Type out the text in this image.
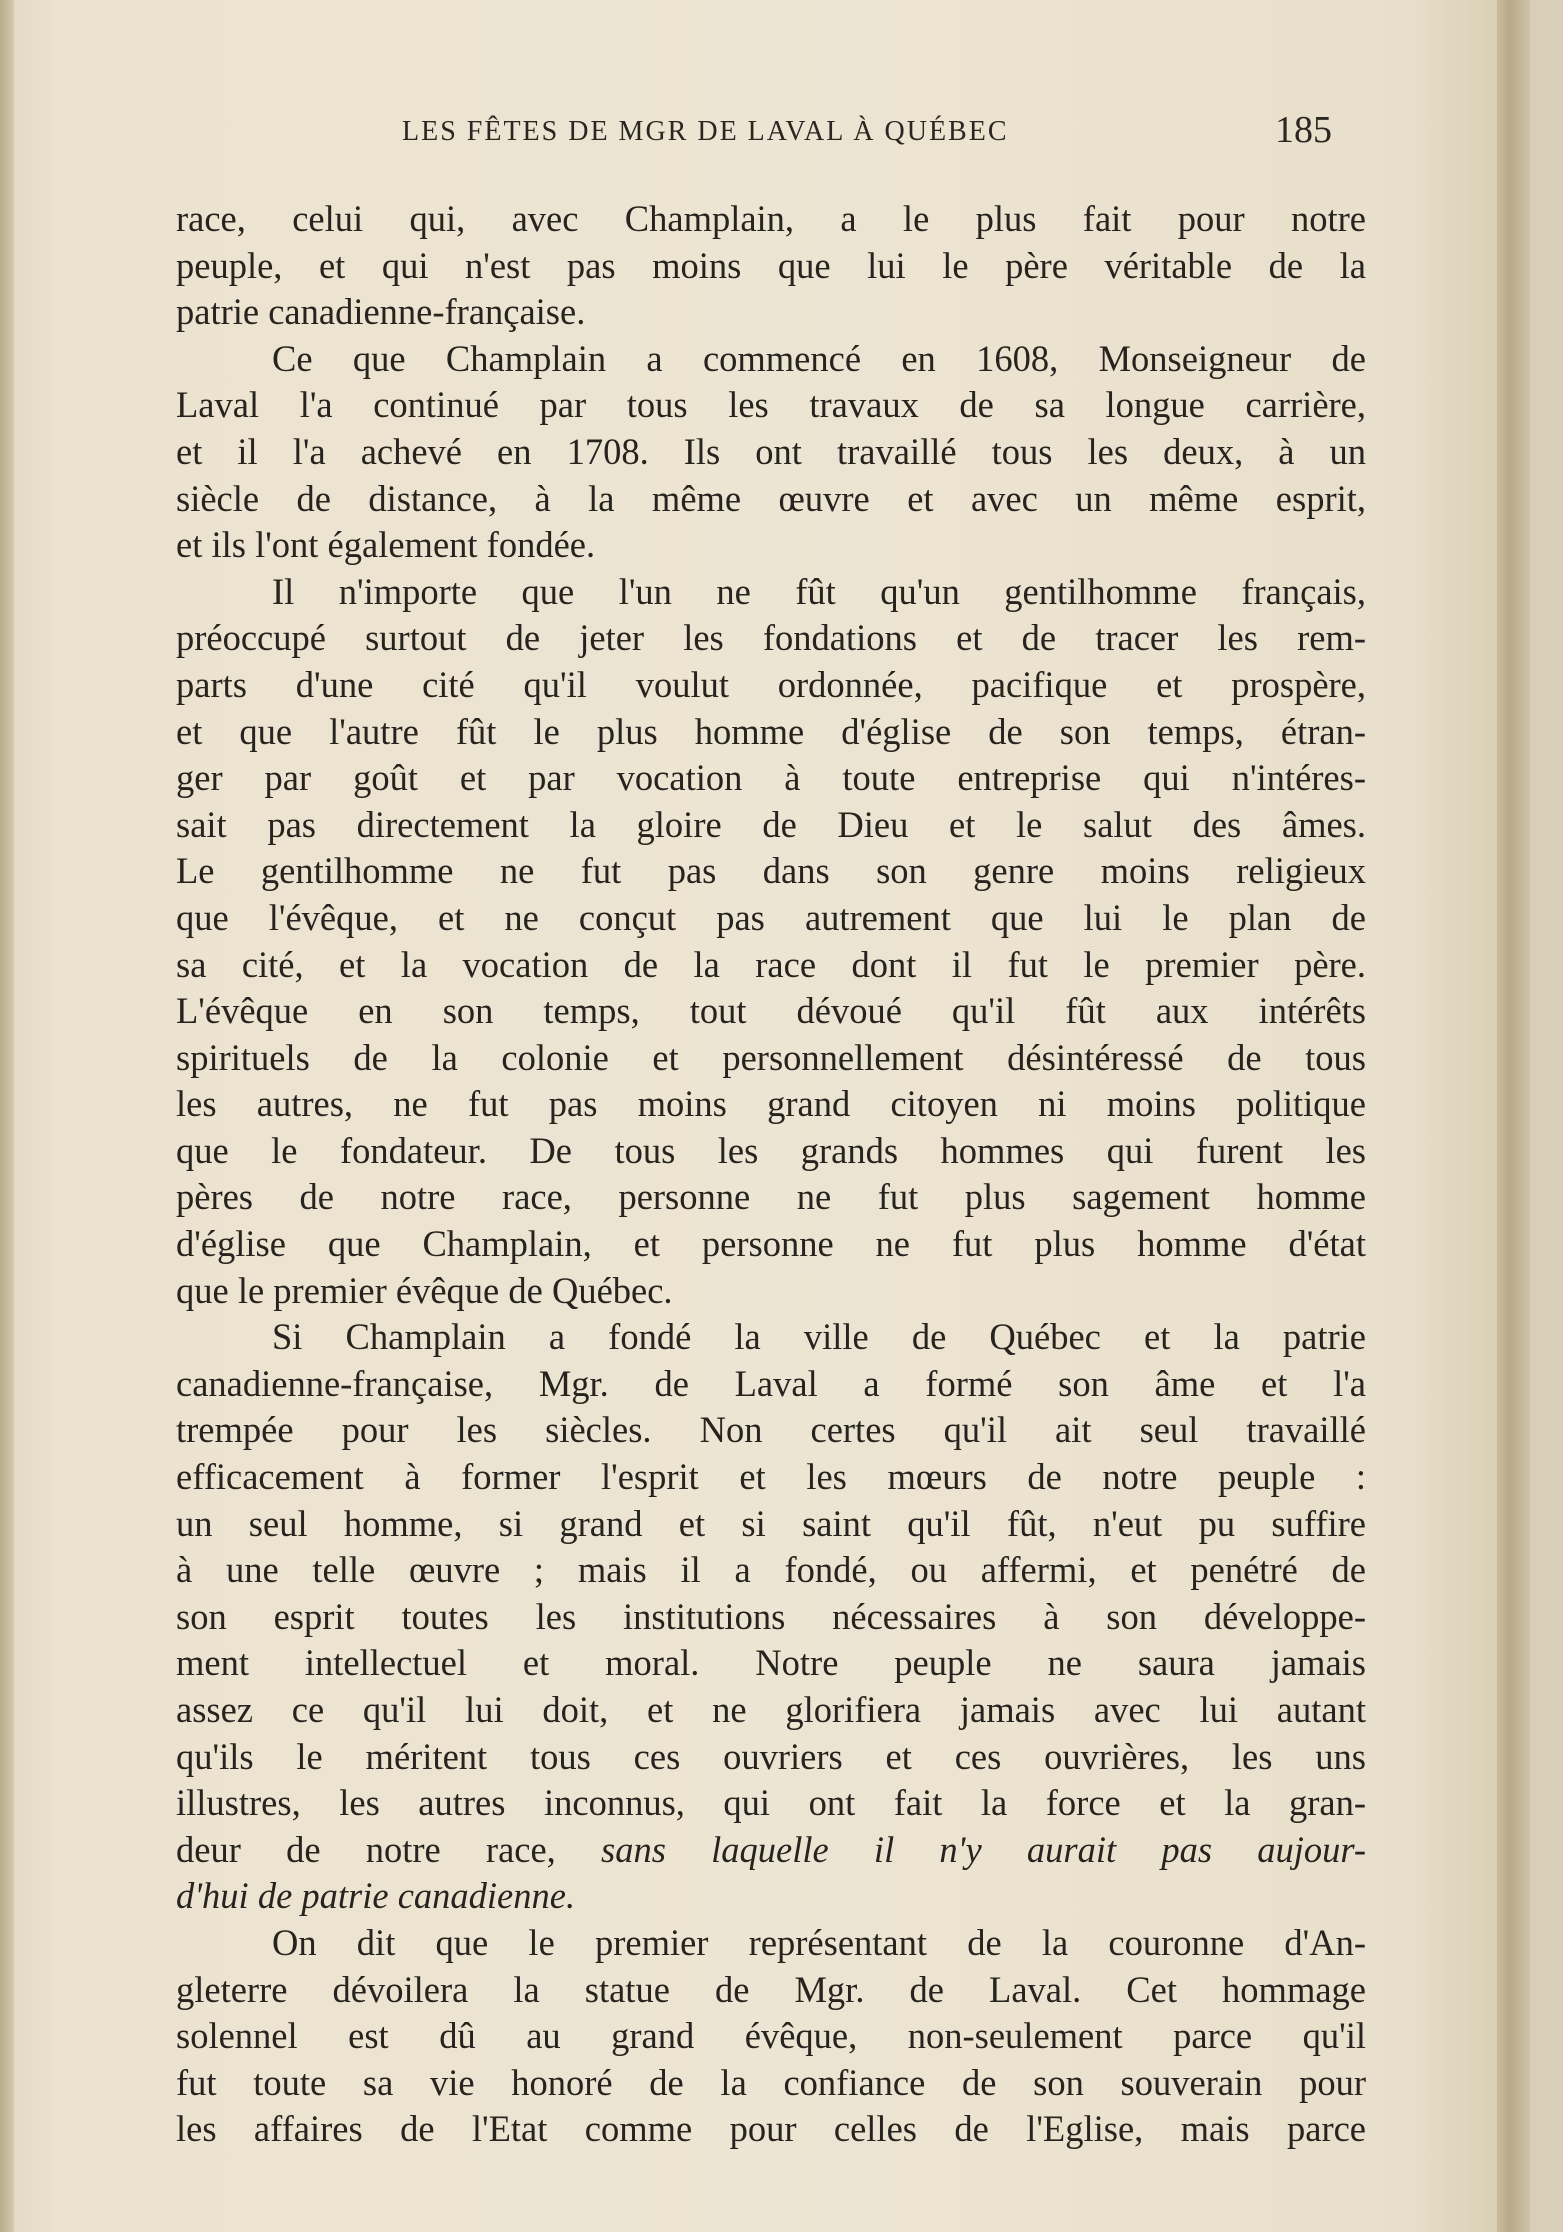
LES FÊTES DE MGR DE LAVAL À QUÉBEC	185
race, celui qui, avec Champlain, a le plus fait pour notre
peuple, et qui n'est pas moins que lui le père véritable de la
patrie canadienne-française.
Ce que Champlain a commencé en 1608, Monseigneur de
Laval l'a continué par tous les travaux de sa longue carrière,
et il l'a achevé en 1708. Ils ont travaillé tous les deux, à un
siècle de distance, à la même œuvre et avec un même esprit,
et ils l'ont également fondée.
Il n'importe que l'un ne fût qu'un gentilhomme français,
préoccupé surtout de jeter les fondations et de tracer les rem-
parts d'une cité qu'il voulut ordonnée, pacifique et prospère,
et que l'autre fût le plus homme d'église de son temps, étran-
ger par goût et par vocation à toute entreprise qui n'intéres-
sait pas directement la gloire de Dieu et le salut des âmes.
Le gentilhomme ne fut pas dans son genre moins religieux
que l'évêque, et ne conçut pas autrement que lui le plan de
sa cité, et la vocation de la race dont il fut le premier père.
L'évêque en son temps, tout dévoué qu'il fût aux intérêts
spirituels de la colonie et personnellement désintéressé de tous
les autres, ne fut pas moins grand citoyen ni moins politique
que le fondateur. De tous les grands hommes qui furent les
pères de notre race, personne ne fut plus sagement homme
d'église que Champlain, et personne ne fut plus homme d'état
que le premier évêque de Québec.
Si Champlain a fondé la ville de Québec et la patrie
canadienne-française, Mgr. de Laval a formé son âme et l'a
trempée pour les siècles. Non certes qu'il ait seul travaillé
efficacement à former l'esprit et les mœurs de notre peuple :
un seul homme, si grand et si saint qu'il fût, n'eut pu suffire
à une telle œuvre ; mais il a fondé, ou affermi, et penétré de
son esprit toutes les institutions nécessaires à son développe-
ment intellectuel et moral. Notre peuple ne saura jamais
assez ce qu'il lui doit, et ne glorifiera jamais avec lui autant
qu'ils le méritent tous ces ouvriers et ces ouvrières, les uns
illustres, les autres inconnus, qui ont fait la force et la gran-
deur de notre race, sans laquelle il n'y aurait pas aujour-
d'hui de patrie canadienne.
On dit que le premier représentant de la couronne d'An-
gleterre dévoilera la statue de Mgr. de Laval. Cet hommage
solennel est dû au grand évêque, non-seulement parce qu'il
fut toute sa vie honoré de la confiance de son souverain pour
les affaires de l'Etat comme pour celles de l'Eglise, mais parce
